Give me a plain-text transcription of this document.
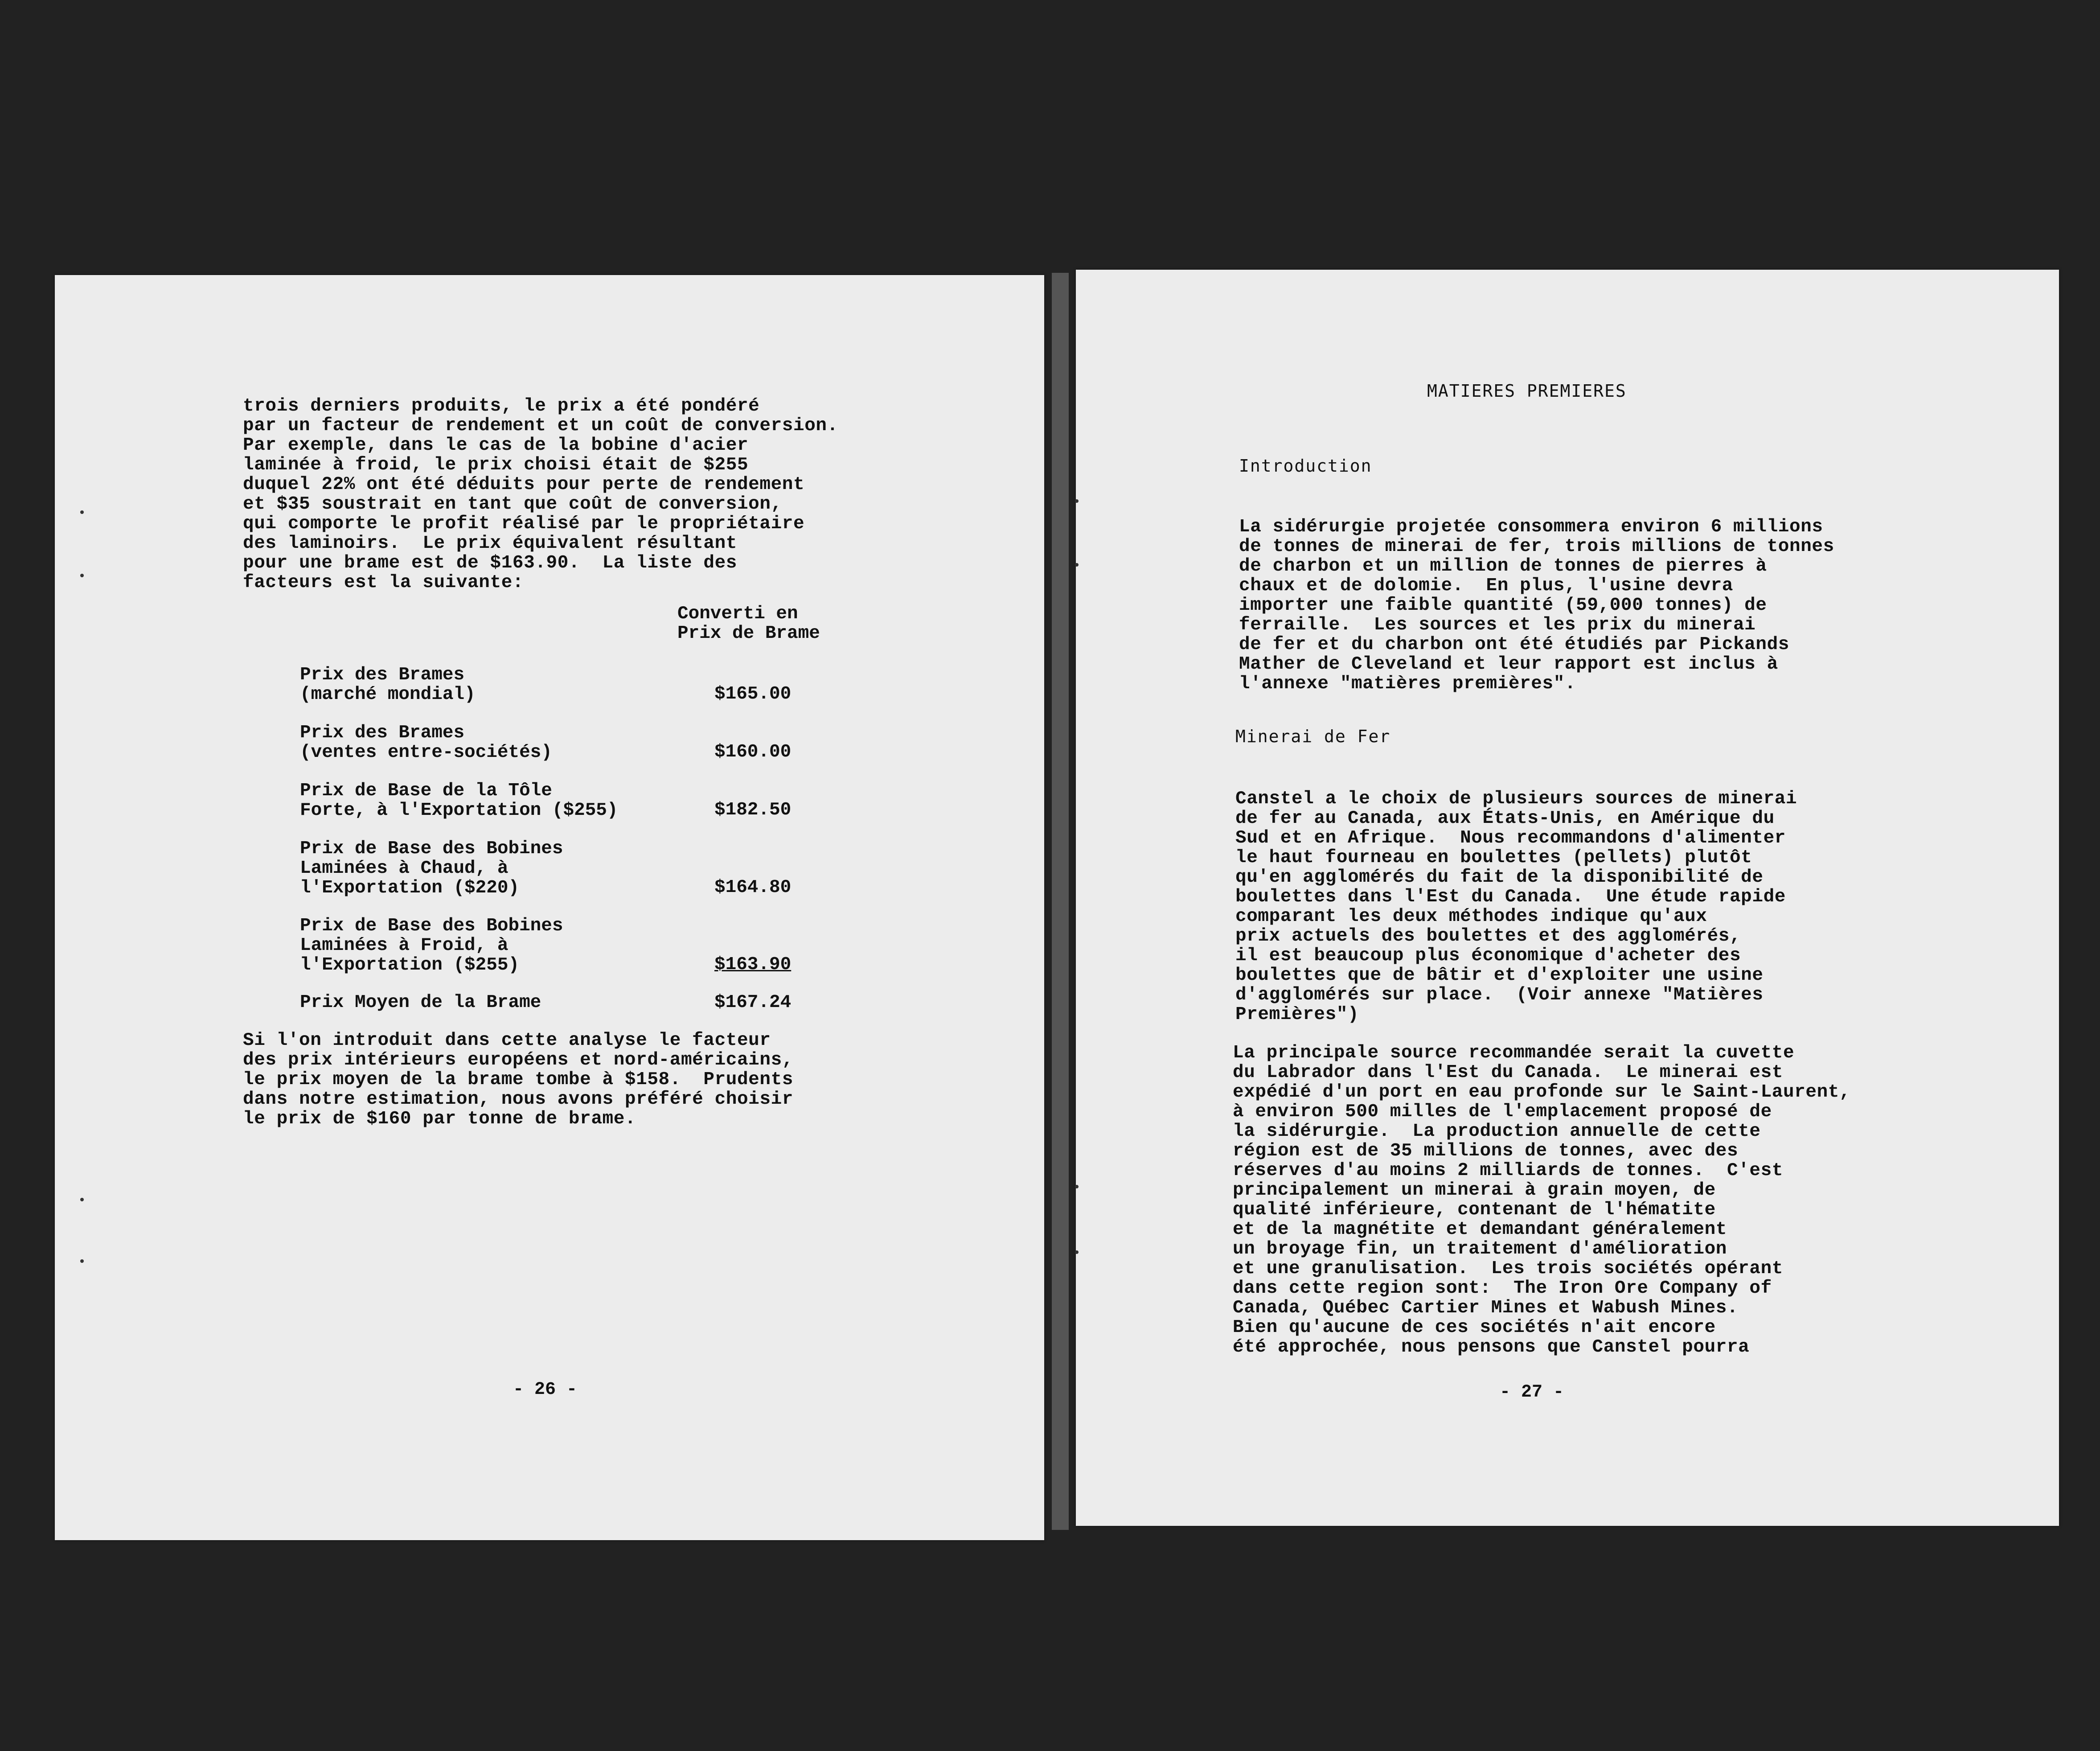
trois derniers produits, le prix a été pondéré
par un facteur de rendement et un coût de conversion.
Par exemple, dans le cas de la bobine d'acier
laminée à froid, le prix choisi était de $255
duquel 22% ont été déduits pour perte de rendement
et $35 soustrait en tant que coût de conversion,
qui comporte le profit réalisé par le propriétaire
des laminoirs.  Le prix équivalent résultant
pour une brame est de $163.90.  La liste des
facteurs est la suivante:

Converti en
Prix de Brame
Prix des Brames
(marché mondial)	$165.00
Prix des Brames
(ventes entre-sociétés)	$160.00
Prix de Base de la Tôle
Forte, à l'Exportation ($255)	$182.50
Prix de Base des Bobines
Laminées à Chaud, à
l'Exportation ($220)	$164.80
Prix de Base des Bobines
Laminées à Froid, à
l'Exportation ($255)	$163.90
Prix Moyen de la Brame	$167.24

Si l'on introduit dans cette analyse le facteur
des prix intérieurs européens et nord-américains,
le prix moyen de la brame tombe à $158.  Prudents
dans notre estimation, nous avons préféré choisir
le prix de $160 par tonne de brame.

- 26 -
MATIERES PREMIERES
Introduction

La sidérurgie projetée consommera environ 6 millions
de tonnes de minerai de fer, trois millions de tonnes
de charbon et un million de tonnes de pierres à
chaux et de dolomie.  En plus, l'usine devra
importer une faible quantité (59,000 tonnes) de
ferraille.  Les sources et les prix du minerai
de fer et du charbon ont été étudiés par Pickands
Mather de Cleveland et leur rapport est inclus à
l'annexe "matières premières".

Minerai de Fer

Canstel a le choix de plusieurs sources de minerai
de fer au Canada, aux États-Unis, en Amérique du
Sud et en Afrique.  Nous recommandons d'alimenter
le haut fourneau en boulettes (pellets) plutôt
qu'en agglomérés du fait de la disponibilité de
boulettes dans l'Est du Canada.  Une étude rapide
comparant les deux méthodes indique qu'aux
prix actuels des boulettes et des agglomérés,
il est beaucoup plus économique d'acheter des
boulettes que de bâtir et d'exploiter une usine
d'agglomérés sur place.  (Voir annexe "Matières
Premières")

La principale source recommandée serait la cuvette
du Labrador dans l'Est du Canada.  Le minerai est
expédié d'un port en eau profonde sur le Saint-Laurent,
à environ 500 milles de l'emplacement proposé de
la sidérurgie.  La production annuelle de cette
région est de 35 millions de tonnes, avec des
réserves d'au moins 2 milliards de tonnes.  C'est
principalement un minerai à grain moyen, de
qualité inférieure, contenant de l'hématite
et de la magnétite et demandant généralement
un broyage fin, un traitement d'amélioration
et une granulisation.  Les trois sociétés opérant
dans cette region sont:  The Iron Ore Company of
Canada, Québec Cartier Mines et Wabush Mines.
Bien qu'aucune de ces sociétés n'ait encore
été approchée, nous pensons que Canstel pourra

- 27 -
